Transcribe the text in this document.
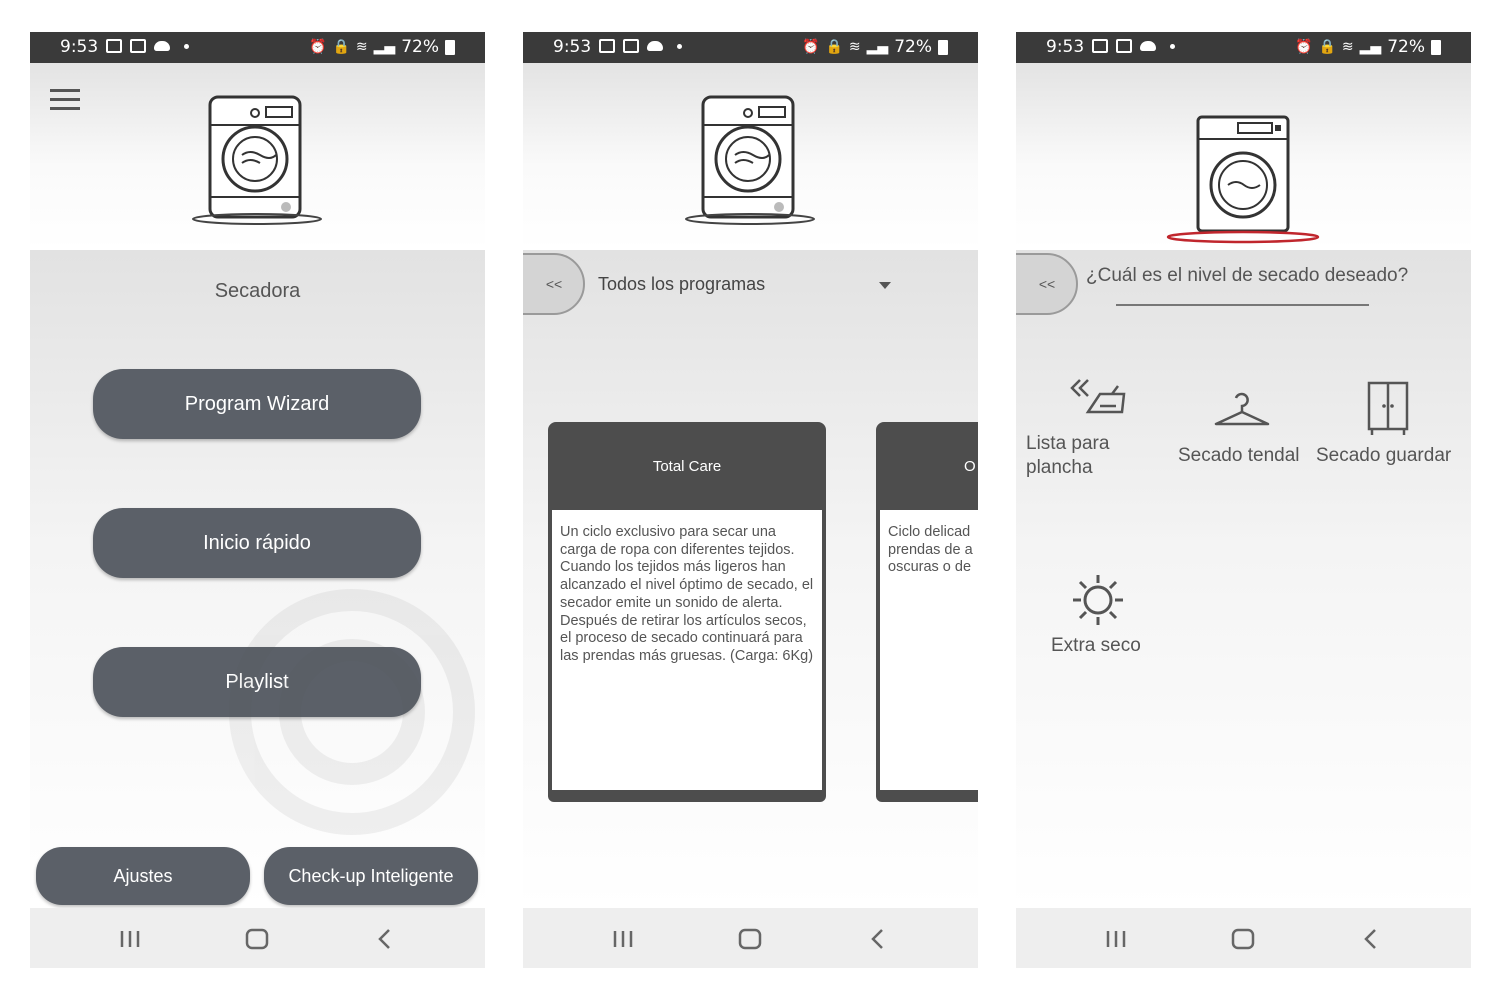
9:53	⏰ 🔒 ≋ ▂▄ 72%
Secadora
Program Wizard
Inicio rápido
Playlist
Ajustes	Check-up Inteligente
9:53	⏰ 🔒 ≋ ▂▄ 72%
<<	Todos los programas
Total Care
Un ciclo exclusivo para secar una carga de ropa con diferentes tejidos. Cuando los tejidos más ligeros han alcanzado el nivel óptimo de secado, el secador emite un sonido de alerta. Después de retirar los artículos secos, el proceso de secado continuará para las prendas más gruesas. (Carga: 6Kg)
O
Ciclo delicad prendas de a oscuras o de
9:53	⏰ 🔒 ≋ ▂▄ 72%
<<	¿Cuál es el nivel de secado deseado?
Lista para plancha
Secado tendal Secado guardar
Extra seco
